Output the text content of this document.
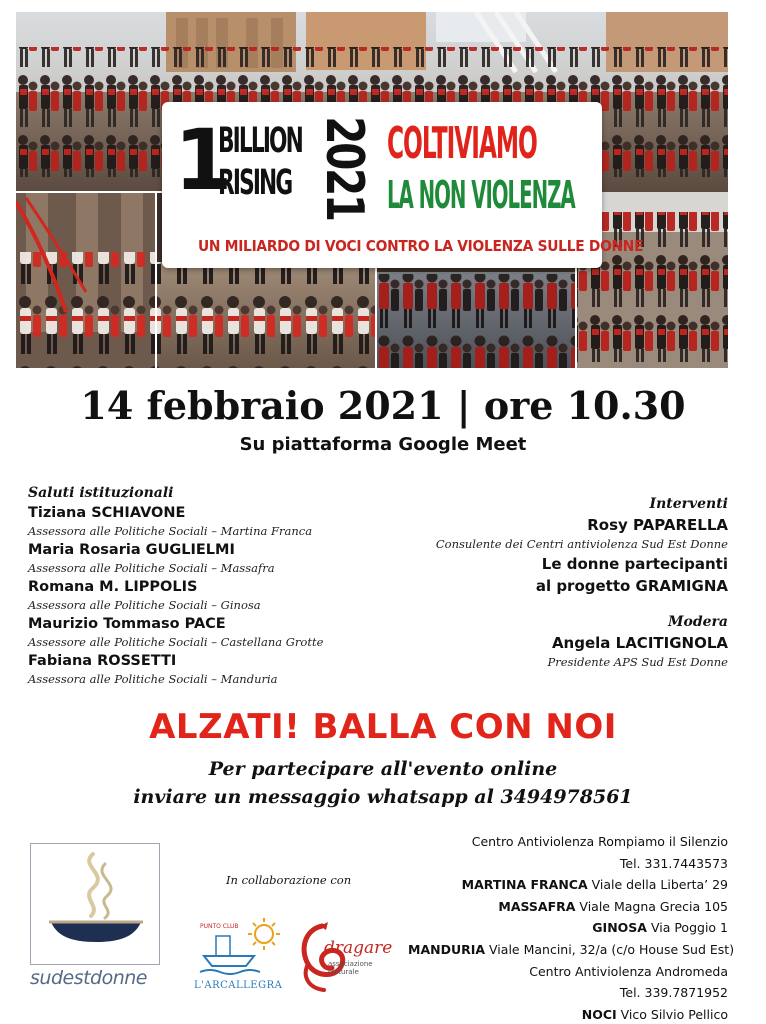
1
BILLION
RISING 2021 COLTIVIAMO
LA NON VIOLENZA
UN MILIARDO DI VOCI CONTRO LA VIOLENZA SULLE DONNE
14 febbraio 2021 | ore 10.30
Su piattaforma Google Meet
Saluti istituzionali
Tiziana SCHIAVONE
Assessora alle Politiche Sociali – Martina Franca
Maria Rosaria GUGLIELMI
Assessora alle Politiche Sociali – Massafra
Romana M. LIPPOLIS
Assessora alle Politiche Sociali – Ginosa
Maurizio Tommaso PACE
Assessore alle Politiche Sociali – Castellana Grotte
Fabiana ROSSETTI
Assessora alle Politiche Sociali – Manduria
Interventi
Rosy PAPARELLA
Consulente dei Centri antiviolenza Sud Est Donne
Le donne partecipanti
al progetto GRAMIGNA
Modera
Angela LACITIGNOLA
Presidente APS Sud Est Donne
ALZATI! BALLA CON NOI
Per partecipare all'evento online
inviare un messaggio whatsapp al 3494978561
sudestdonne
In collaborazione con
PUNTO CLUB
L'ARCALLEGRA
dragare
associazione culturale
Centro Antiviolenza Rompiamo il Silenzio
Tel. 331.7443573
MARTINA FRANCA Viale della Liberta’ 29
MASSAFRA Viale Magna Grecia 105
GINOSA Via Poggio 1
MANDURIA Viale Mancini, 32/a (c/o House Sud Est)
Centro Antiviolenza Andromeda
Tel. 339.7871952
NOCI Vico Silvio Pellico
